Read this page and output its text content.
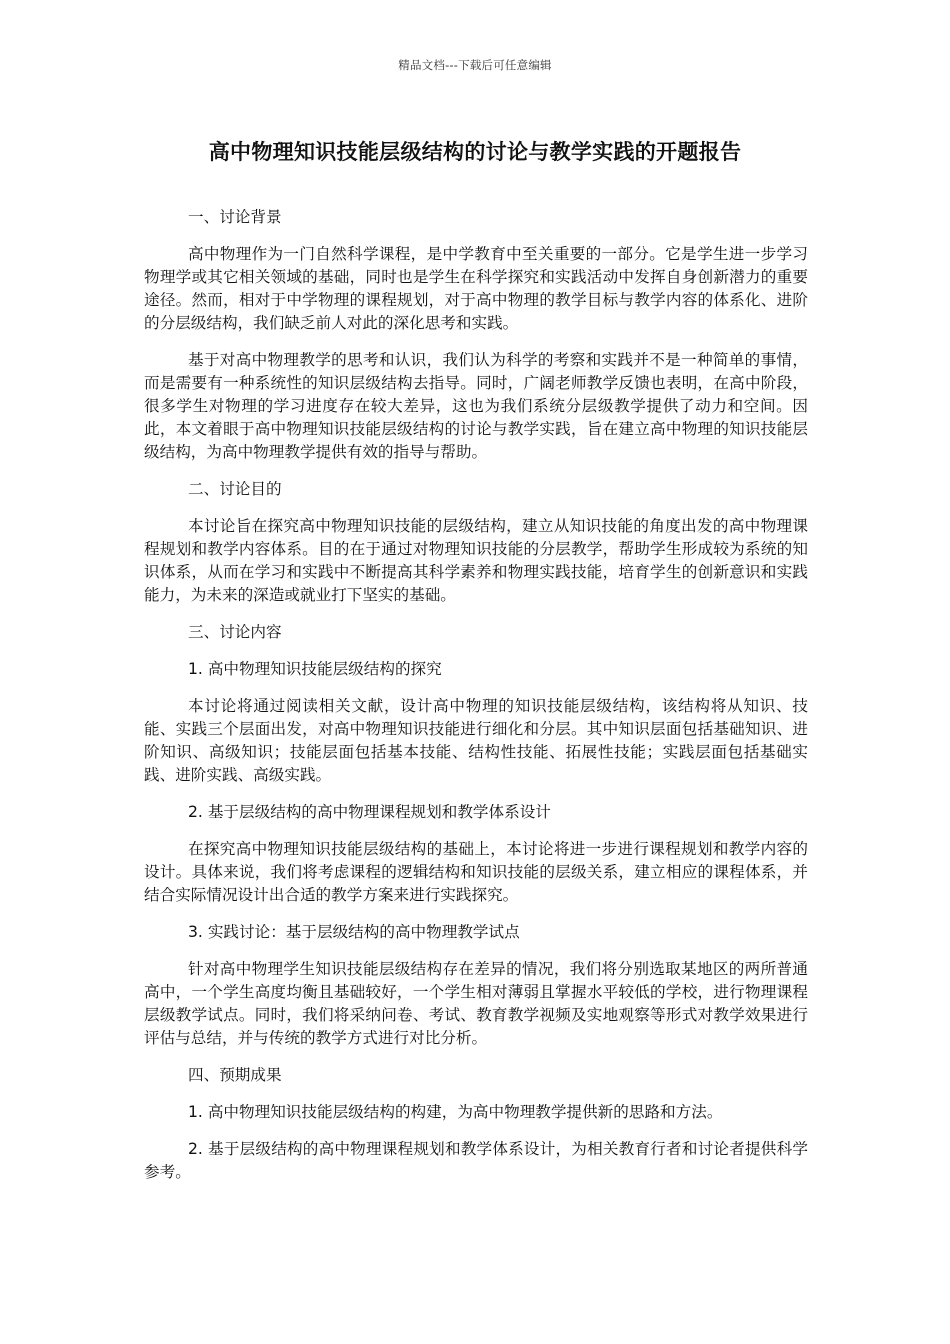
精品文档---下载后可任意编辑
高中物理知识技能层级结构的讨论与教学实践的开题报告

一、讨论背景

高中物理作为一门自然科学课程，是中学教育中至关重要的一部分。它是学生进一步学习物理学或其它相关领域的基础，同时也是学生在科学探究和实践活动中发挥自身创新潜力的重要途径。然而，相对于中学物理的课程规划，对于高中物理的教学目标与教学内容的体系化、进阶的分层级结构，我们缺乏前人对此的深化思考和实践。

基于对高中物理教学的思考和认识，我们认为科学的考察和实践并不是一种简单的事情，而是需要有一种系统性的知识层级结构去指导。同时，广阔老师教学反馈也表明，在高中阶段，很多学生对物理的学习进度存在较大差异，这也为我们系统分层级教学提供了动力和空间。因此，本文着眼于高中物理知识技能层级结构的讨论与教学实践，旨在建立高中物理的知识技能层级结构，为高中物理教学提供有效的指导与帮助。

二、讨论目的

本讨论旨在探究高中物理知识技能的层级结构，建立从知识技能的角度出发的高中物理课程规划和教学内容体系。目的在于通过对物理知识技能的分层教学，帮助学生形成较为系统的知识体系，从而在学习和实践中不断提高其科学素养和物理实践技能，培育学生的创新意识和实践能力，为未来的深造或就业打下坚实的基础。

三、讨论内容

1. 高中物理知识技能层级结构的探究

本讨论将通过阅读相关文献，设计高中物理的知识技能层级结构，该结构将从知识、技能、实践三个层面出发，对高中物理知识技能进行细化和分层。其中知识层面包括基础知识、进阶知识、高级知识；技能层面包括基本技能、结构性技能、拓展性技能；实践层面包括基础实践、进阶实践、高级实践。

2. 基于层级结构的高中物理课程规划和教学体系设计

在探究高中物理知识技能层级结构的基础上，本讨论将进一步进行课程规划和教学内容的设计。具体来说，我们将考虑课程的逻辑结构和知识技能的层级关系，建立相应的课程体系，并结合实际情况设计出合适的教学方案来进行实践探究。

3. 实践讨论：基于层级结构的高中物理教学试点

针对高中物理学生知识技能层级结构存在差异的情况，我们将分别选取某地区的两所普通高中，一个学生高度均衡且基础较好，一个学生相对薄弱且掌握水平较低的学校，进行物理课程层级教学试点。同时，我们将采纳问卷、考试、教育教学视频及实地观察等形式对教学效果进行评估与总结，并与传统的教学方式进行对比分析。

四、预期成果

1. 高中物理知识技能层级结构的构建，为高中物理教学提供新的思路和方法。

2. 基于层级结构的高中物理课程规划和教学体系设计，为相关教育行者和讨论者提供科学参考。
